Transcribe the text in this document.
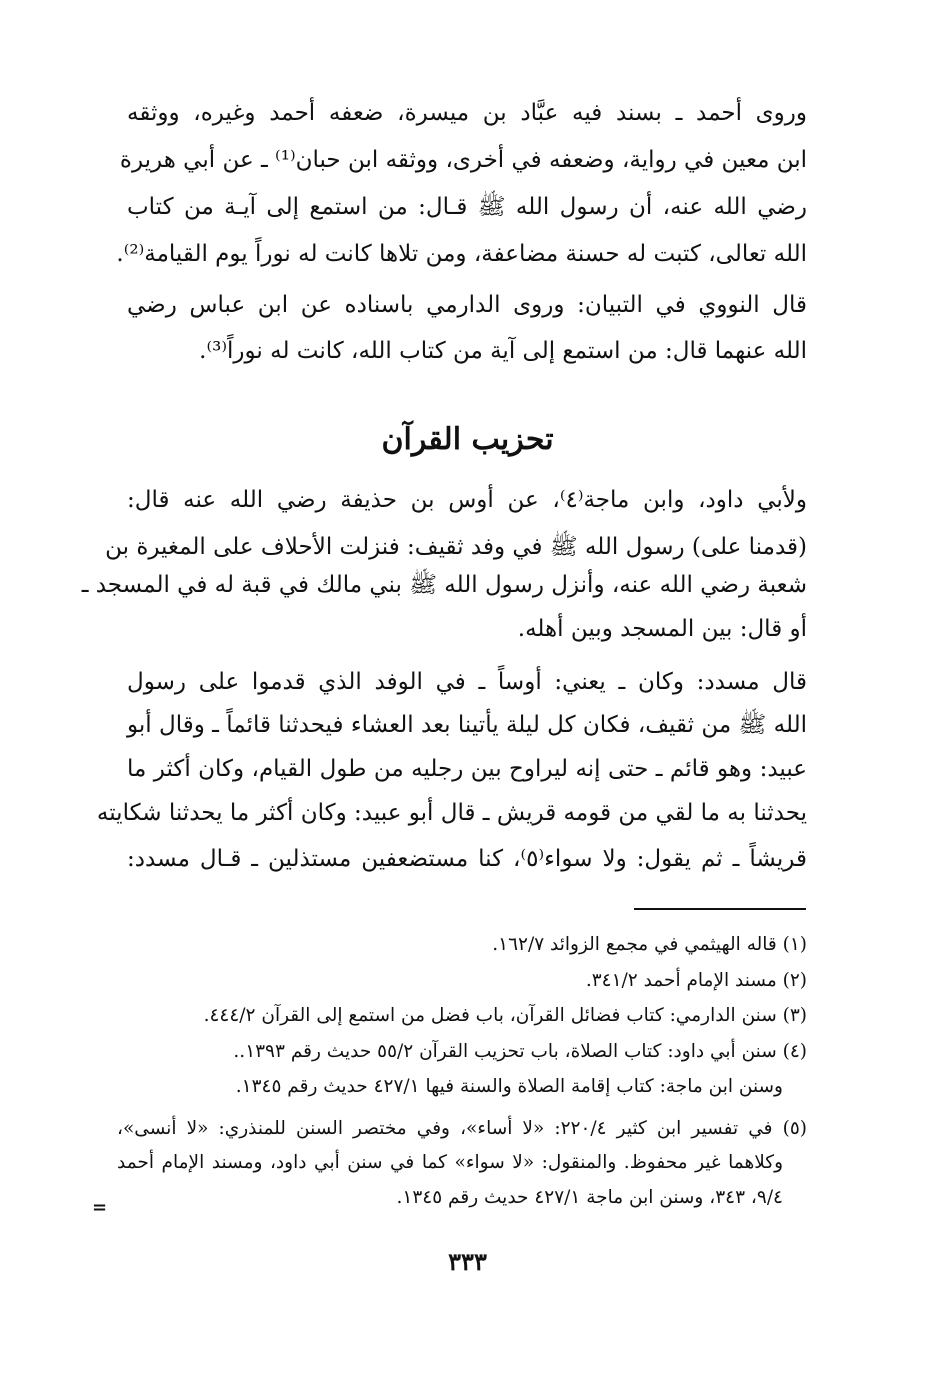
وروى أحمد ـ بسند فيه عبَّاد بن ميسرة، ضعفه أحمد وغيره، ووثقه
ابن معين في رواية، وضعفه في أخرى، ووثقه ابن حبان⁽¹⁾ ـ عن أبي هريرة
رضي الله عنه، أن رسول الله ﷺ قـال: من استمع إلى آيـة من كتاب
الله تعالى، كتبت له حسنة مضاعفة، ومن تلاها كانت له نوراً يوم القيامة⁽²⁾.
قال النووي في التبيان: وروى الدارمي باسناده عن ابن عباس رضي
الله عنهما قال: من استمع إلى آية من كتاب الله، كانت له نوراً⁽³⁾.
تحزيب القرآن
ولأبي داود، وابن ماجة⁽٤⁾، عن أوس بن حذيفة رضي الله عنه قال:
(قدمنا على) رسول الله ﷺ في وفد ثقيف: فنزلت الأحلاف على المغيرة بن
شعبة رضي الله عنه، وأنزل رسول الله ﷺ بني مالك في قبة له في المسجد ـ
أو قال: بين المسجد وبين أهله.
قال مسدد: وكان ـ يعني: أوساً ـ في الوفد الذي قدموا على رسول
الله ﷺ من ثقيف، فكان كل ليلة يأتينا بعد العشاء فيحدثنا قائماً ـ وقال أبو
عبيد: وهو قائم ـ حتى إنه ليراوح بين رجليه من طول القيام، وكان أكثر ما
يحدثنا به ما لقي من قومه قريش ـ قال أبو عبيد: وكان أكثر ما يحدثنا شكايته
قريشاً ـ ثم يقول: ولا سواء⁽٥⁾، كنا مستضعفين مستذلين ـ قـال مسدد:
(١) قاله الهيثمي في مجمع الزوائد ١٦٢/٧.
(٢) مسند الإمام أحمد ٣٤١/٢.
(٣) سنن الدارمي: كتاب فضائل القرآن، باب فضل من استمع إلى القرآن ٤٤٤/٢.
(٤) سنن أبي داود: كتاب الصلاة، باب تحزيب القرآن ٥٥/٢ حديث رقم ١٣٩٣..
وسنن ابن ماجة: كتاب إقامة الصلاة والسنة فيها ٤٢٧/١ حديث رقم ١٣٤٥.
(٥) في تفسير ابن كثير ٢٢٠/٤: «لا أساء»، وفي مختصر السنن للمنذري: «لا أنسى»،
وكلاهما غير محفوظ. والمنقول: «لا سواء» كما في سنن أبي داود، ومسند الإمام أحمد
٩/٤، ٣٤٣، وسنن ابن ماجة ٤٢٧/١ حديث رقم ١٣٤٥.
=
٣٣٣
